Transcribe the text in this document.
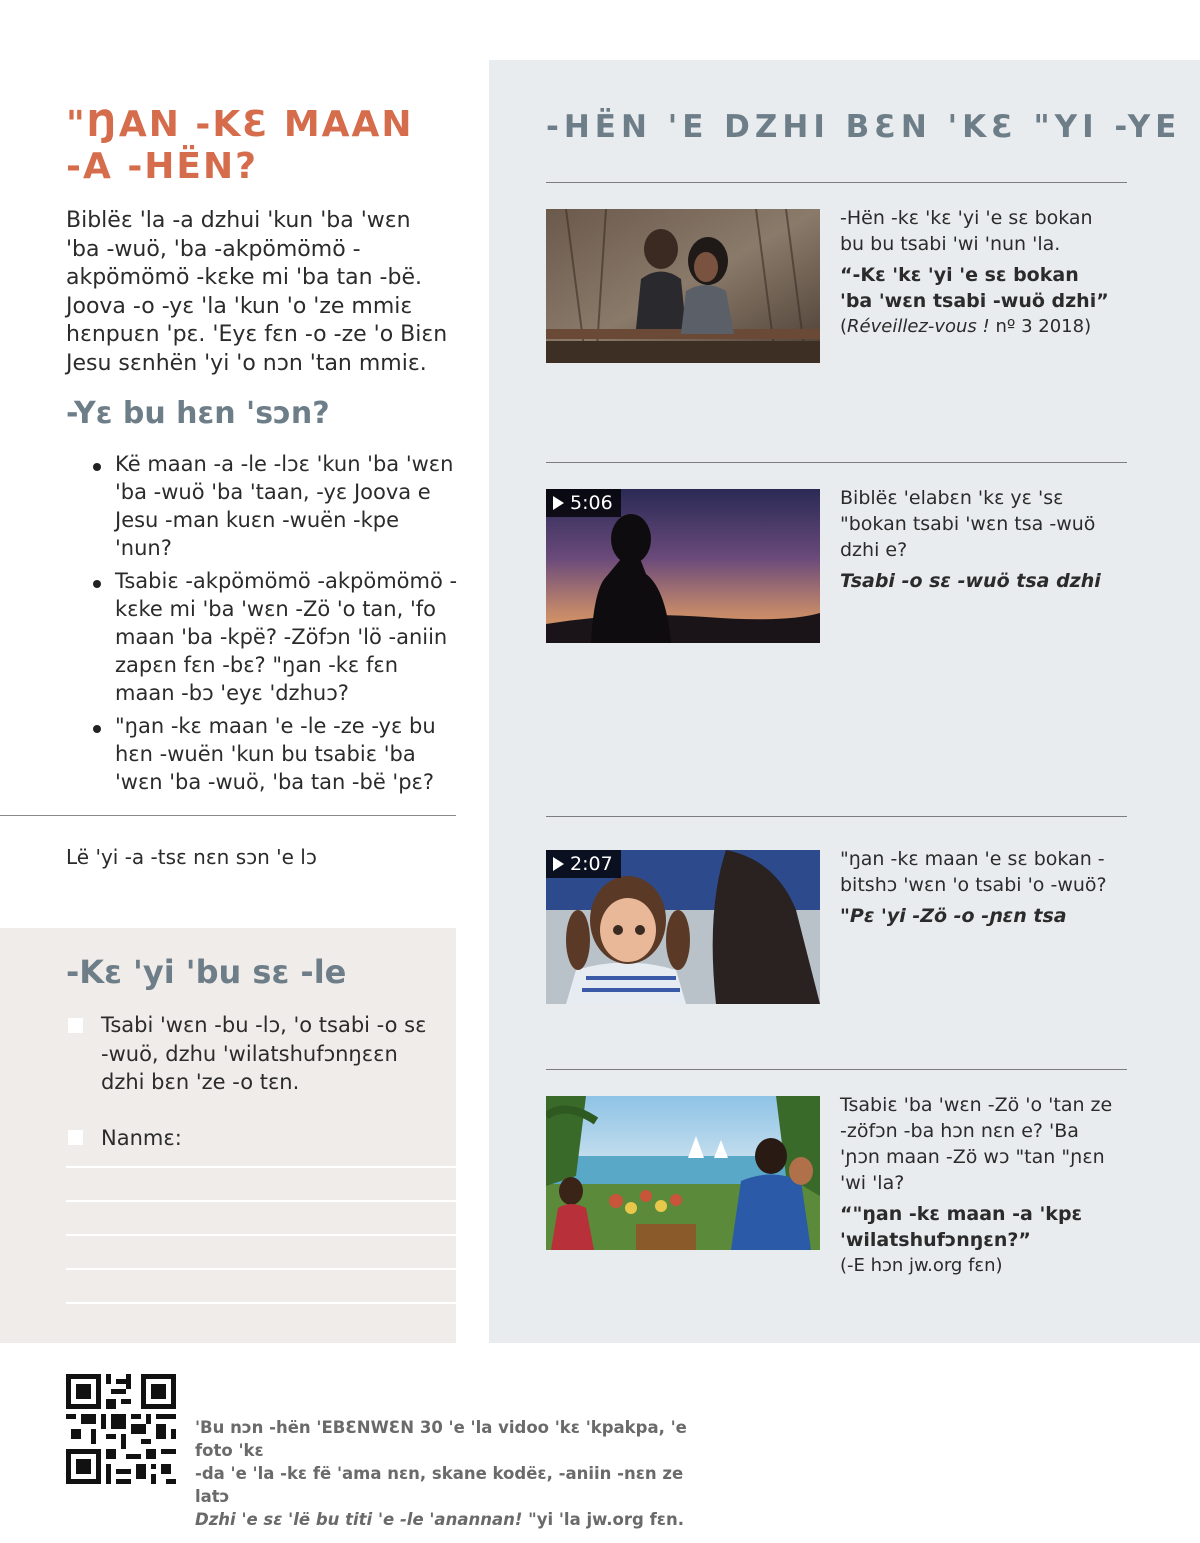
"ŊAN -KƐ MAAN
-A -HËN?

Biblëɛ 'la -a dzhui 'kun 'ba 'wɛn 'ba -wuö, 'ba -akpömömö -akpömömö -kɛke mi 'ba tan -bë. Joova -o -yɛ 'la 'kun 'o 'ze mmiɛ hɛnpuɛn 'pɛ. 'Eyɛ fɛn -o -ze 'o Biɛn Jesu sɛnhën 'yi 'o nɔn 'tan mmiɛ.

-Yɛ bu hɛn 'sɔn?
Kë maan -a -le -lɔɛ 'kun 'ba 'wɛn 'ba -wuö 'ba 'taan, -yɛ Joova e Jesu -man kuɛn -wuën -kpe 'nun?
Tsabiɛ -akpömömö -akpömömö -kɛke mi 'ba 'wɛn -Zö 'o tan, 'fo maan 'ba -kpë? -Zöfɔn 'lö -aniin zapɛn fɛn -bɛ? "ŋan -kɛ fɛn maan -bɔ 'eyɛ 'dzhuɔ?
"ŋan -kɛ maan 'e -le -ze -yɛ bu hɛn -wuën 'kun bu tsabiɛ 'ba 'wɛn 'ba -wuö, 'ba tan -bë 'pɛ?
Lë 'yi -a -tsɛ nɛn sɔn 'e lɔ
-Kɛ 'yi 'bu sɛ -le
Tsabi 'wɛn -bu -lɔ, 'o tsabi -o sɛ -wuö, dzhu 'wilatshufɔnŋɛɛn dzhi bɛn 'ze -o tɛn.
Nanmɛ:
-HËN 'E DZHI BƐN 'KƐ "YI -YE

-Hën -kɛ 'kɛ 'yi 'e sɛ bokan bu bu tsabi 'wi 'nun 'la.

“-Kɛ 'kɛ 'yi 'e sɛ bokan 'ba 'wɛn tsabi -wuö dzhi”

(Réveillez-vous ! nº 3 2018)

5:06	Biblëɛ 'elabɛn 'kɛ yɛ 'sɛ "bokan tsabi 'wɛn tsa -wuö dzhi e?

Tsabi -o sɛ -wuö tsa dzhi

2:07	"ŋan -kɛ maan 'e sɛ bokan -bitshɔ 'wɛn 'o tsabi 'o -wuö?

"Pɛ 'yi -Zö -o -ɲɛn tsa

Tsabiɛ 'ba 'wɛn -Zö 'o 'tan ze -zöfɔn -ba hɔn nɛn e? 'Ba 'ɲɔn maan -Zö wɔ "tan "ɲɛn 'wi 'la?

“"ŋan -kɛ maan -a 'kpɛ 'wilatshufɔnŋɛn?”

(-E hɔn jw.org fɛn)

'Bu nɔn -hën 'EBƐNWƐN 30 'e 'la vidoo 'kɛ 'kpakpa, 'e foto 'kɛ
-da 'e 'la -kɛ fë 'ama nɛn, skane kodëɛ, -aniin -nɛn ze latɔ
Dzhi 'e sɛ 'lë bu titi 'e -le 'anannan! "yi 'la jw.org fɛn.
